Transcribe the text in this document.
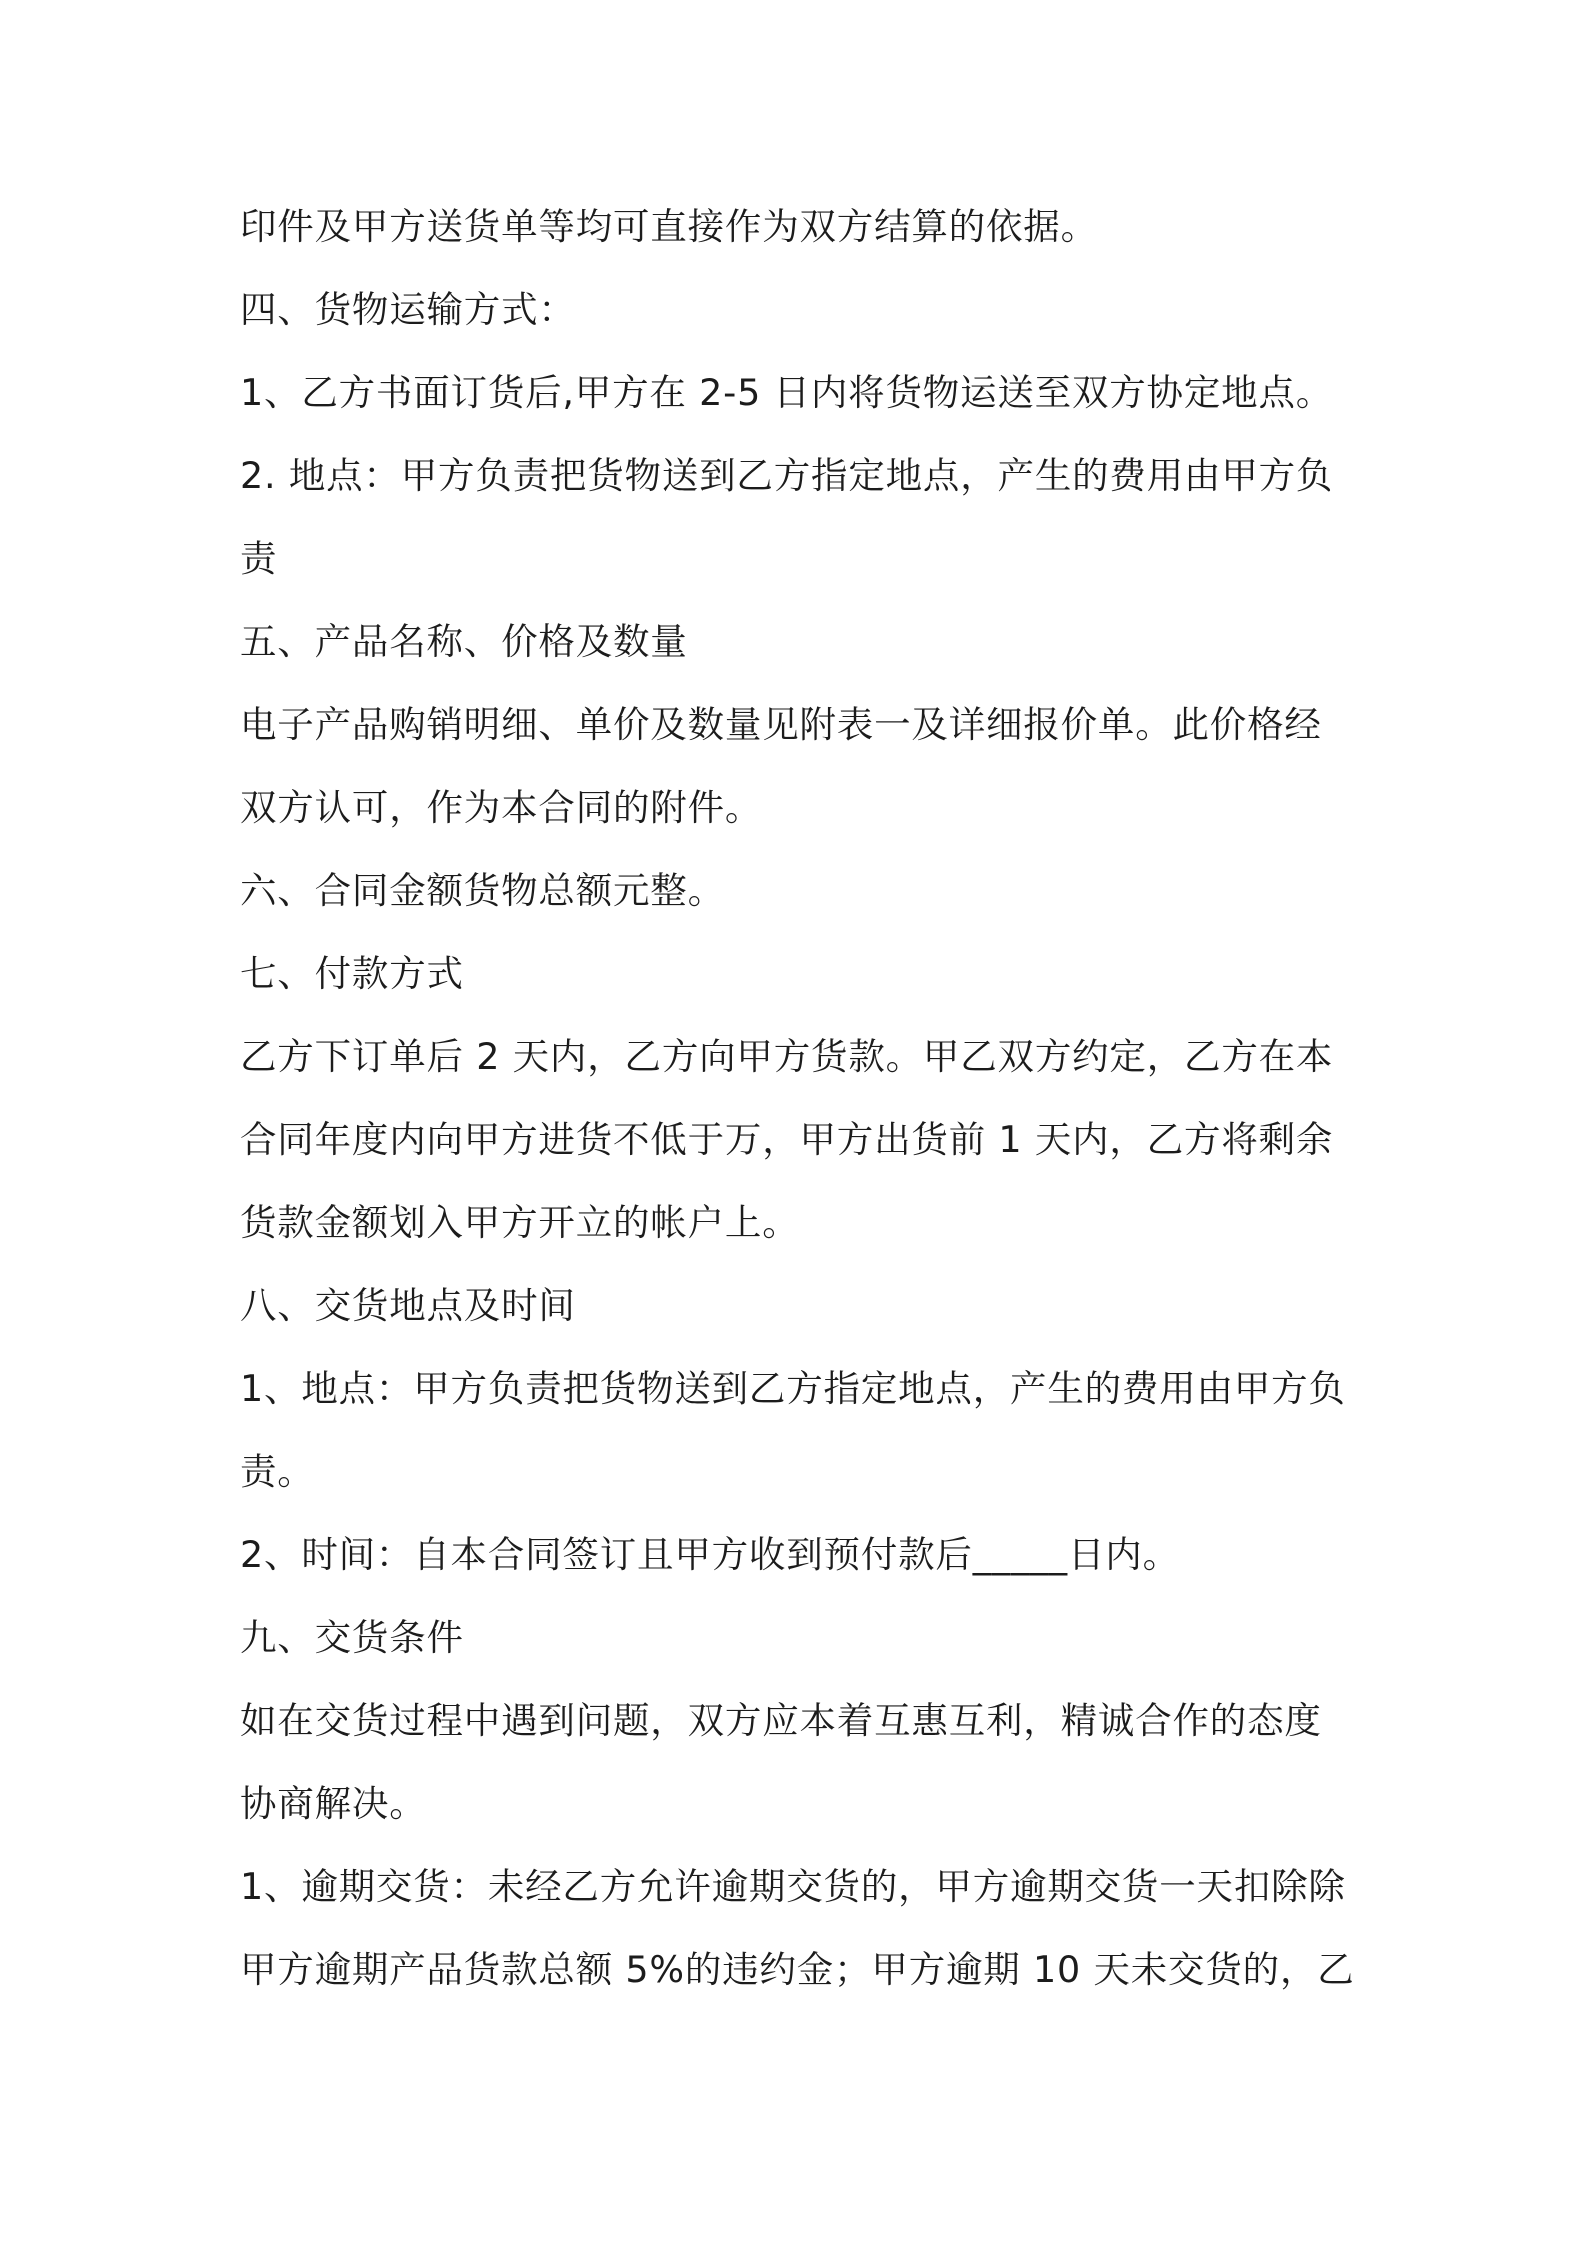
印件及甲方送货单等均可直接作为双方结算的依据。
四、货物运输方式：
1、乙方书面订货后,甲方在 2-5 日内将货物运送至双方协定地点。
2. 地点：甲方负责把货物送到乙方指定地点，产生的费用由甲方负
责
五、产品名称、价格及数量
电子产品购销明细、单价及数量见附表一及详细报价单。此价格经
双方认可，作为本合同的附件。
六、合同金额货物总额元整。
七、付款方式
乙方下订单后 2 天内，乙方向甲方货款。甲乙双方约定，乙方在本
合同年度内向甲方进货不低于万，甲方出货前 1 天内，乙方将剩余
货款金额划入甲方开立的帐户上。
八、交货地点及时间
1、地点：甲方负责把货物送到乙方指定地点，产生的费用由甲方负
责。
2、时间：自本合同签订且甲方收到预付款后_____日内。
九、交货条件
如在交货过程中遇到问题，双方应本着互惠互利，精诚合作的态度
协商解决。
1、逾期交货：未经乙方允许逾期交货的，甲方逾期交货一天扣除除
甲方逾期产品货款总额 5%的违约金；甲方逾期 10 天未交货的，乙
